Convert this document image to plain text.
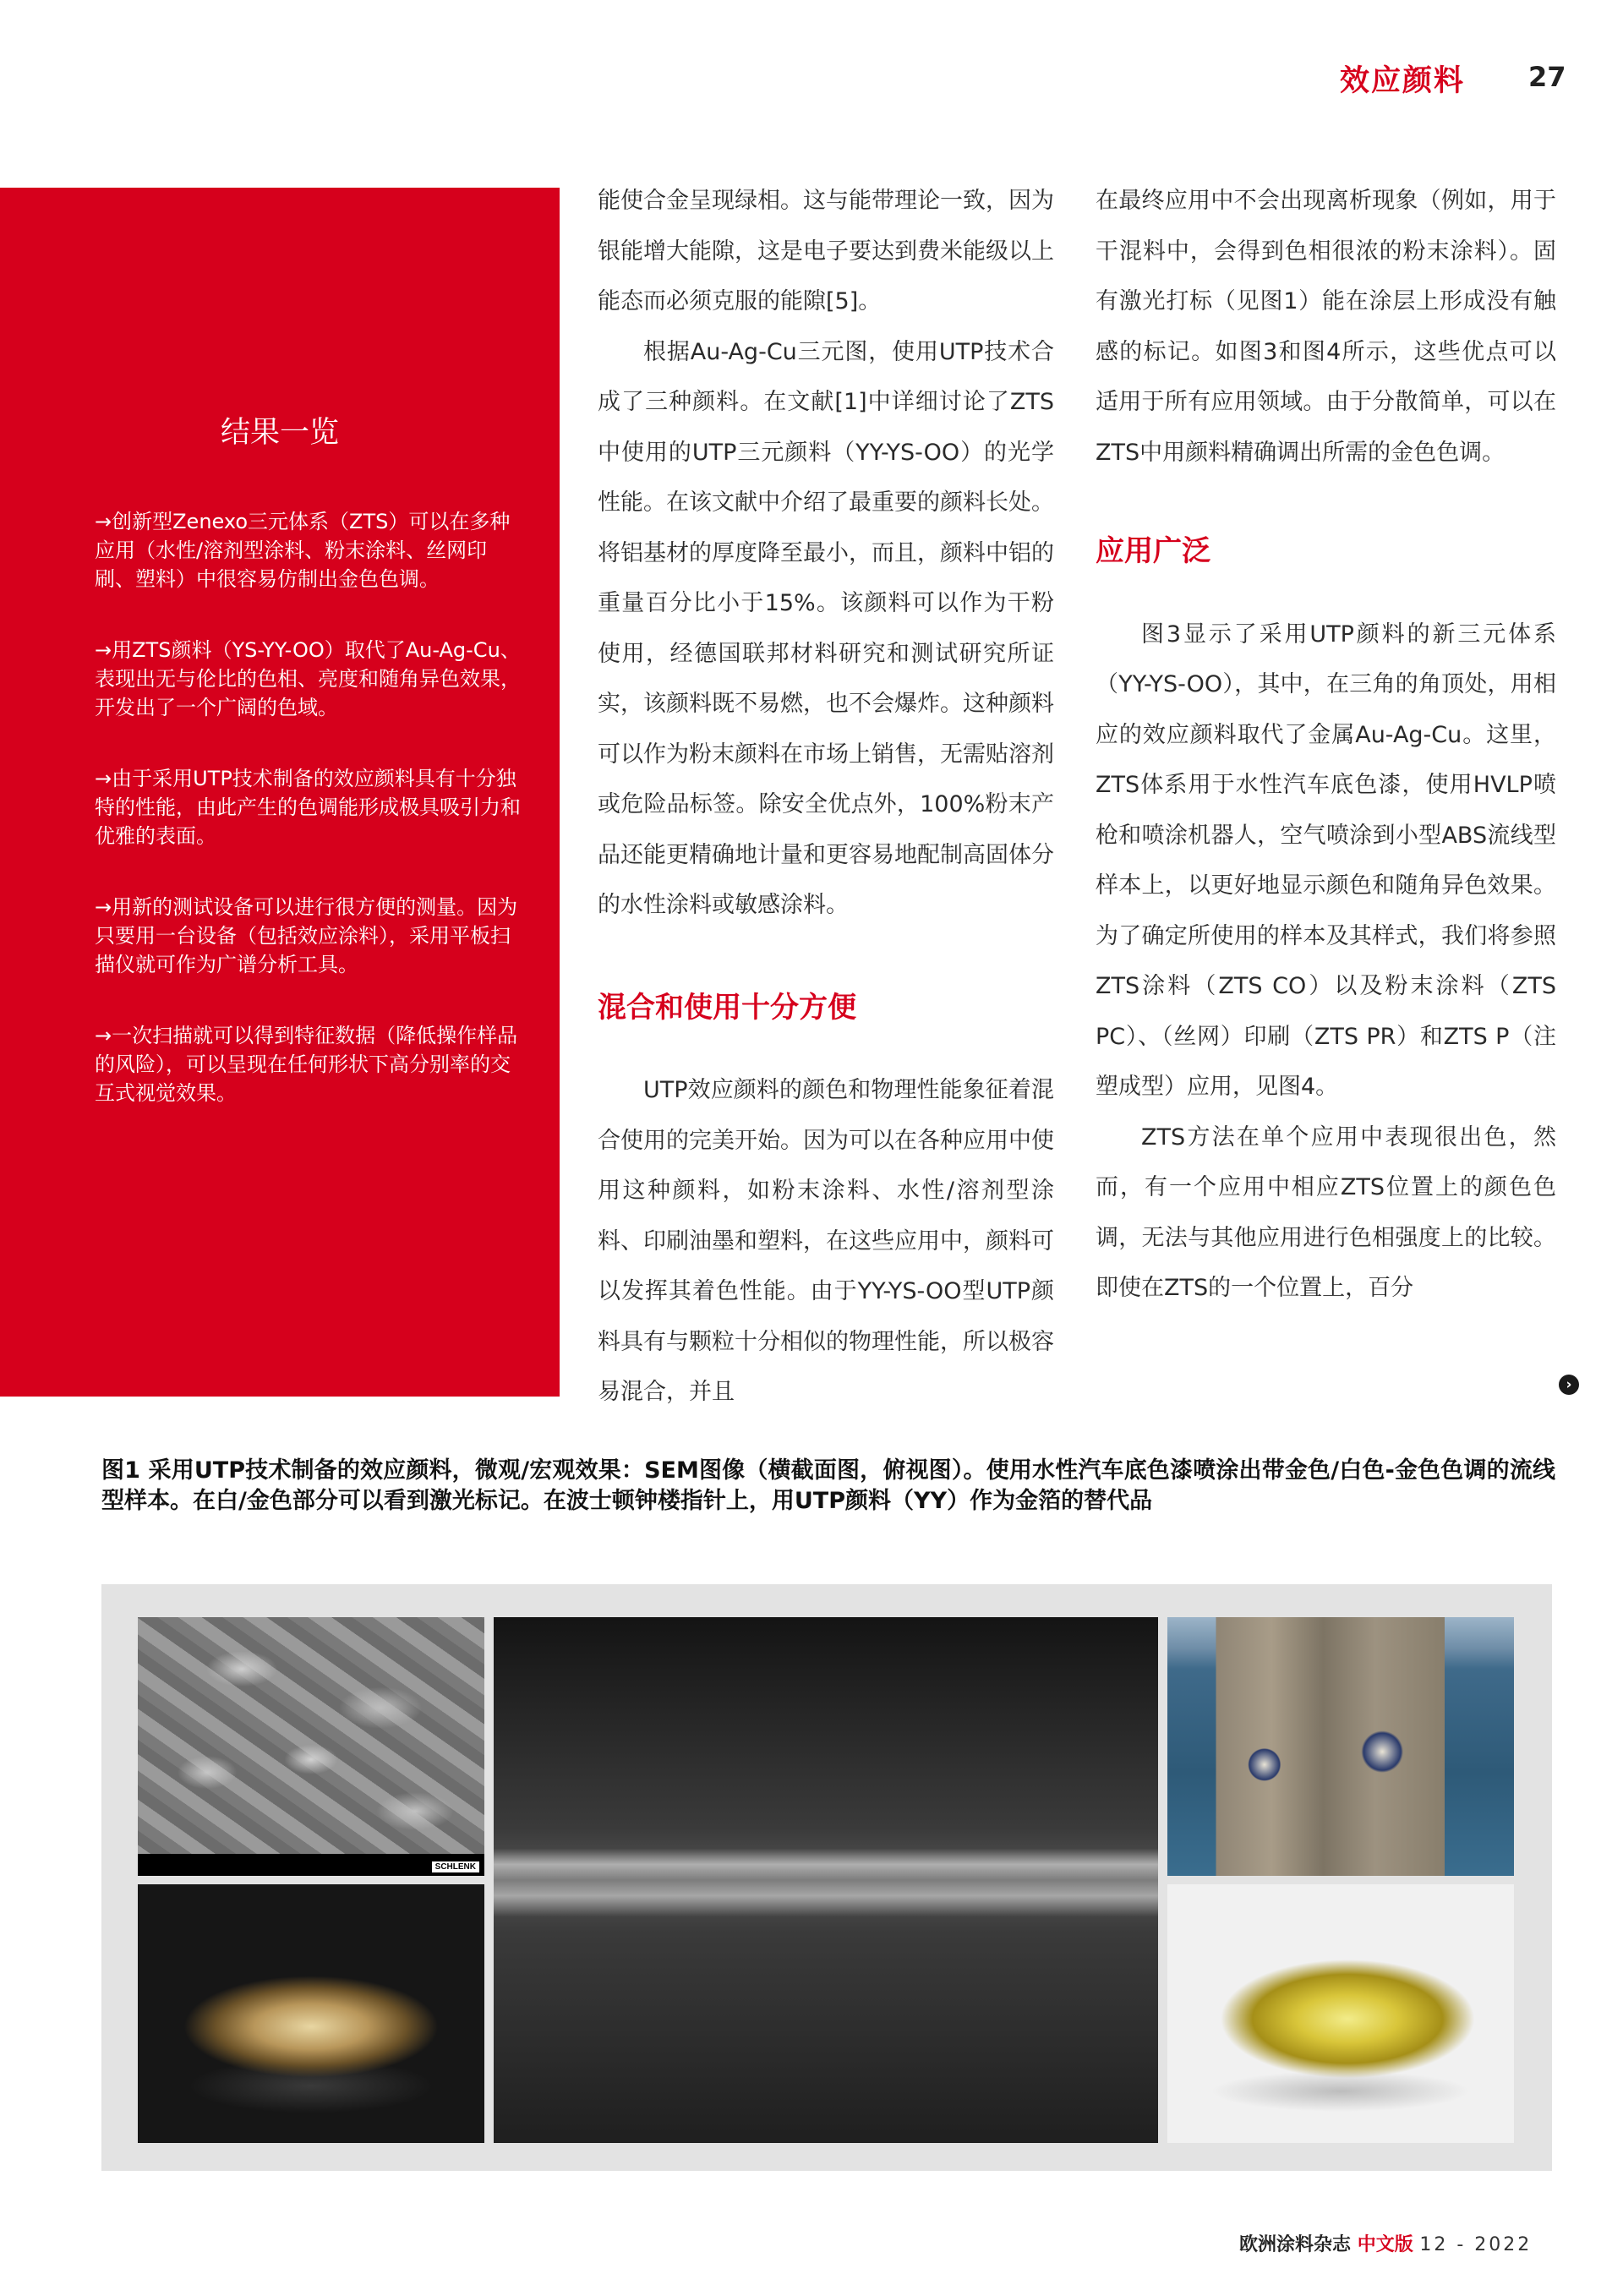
效应颜料 27
结果一览
→创新型Zenexo三元体系（ZTS）可以在多种应用（水性/溶剂型涂料、粉末涂料、丝网印刷、塑料）中很容易仿制出金色色调。
→用ZTS颜料（YS-YY-OO）取代了Au-Ag-Cu、表现出无与伦比的色相、亮度和随角异色效果，开发出了一个广阔的色域。
→由于采用UTP技术制备的效应颜料具有十分独特的性能，由此产生的色调能形成极具吸引力和优雅的表面。
→用新的测试设备可以进行很方便的测量。因为只要用一台设备（包括效应涂料），采用平板扫描仪就可作为广谱分析工具。
→一次扫描就可以得到特征数据（降低操作样品的风险），可以呈现在任何形状下高分别率的交互式视觉效果。

能使合金呈现绿相。这与能带理论一致，因为银能增大能隙，这是电子要达到费米能级以上能态而必须克服的能隙[5]。

根据Au-Ag-Cu三元图，使用UTP技术合成了三种颜料。在文献[1]中详细讨论了ZTS中使用的UTP三元颜料（YY-YS-OO）的光学性能。在该文献中介绍了最重要的颜料长处。将铝基材的厚度降至最小，而且，颜料中铝的重量百分比小于15%。该颜料可以作为干粉使用，经德国联邦材料研究和测试研究所证实，该颜料既不易燃，也不会爆炸。这种颜料可以作为粉末颜料在市场上销售，无需贴溶剂或危险品标签。除安全优点外，100%粉末产品还能更精确地计量和更容易地配制高固体分的水性涂料或敏感涂料。

混合和使用十分方便

UTP效应颜料的颜色和物理性能象征着混合使用的完美开始。因为可以在各种应用中使用这种颜料，如粉末涂料、水性/溶剂型涂料、印刷油墨和塑料，在这些应用中，颜料可以发挥其着色性能。由于YY-YS-OO型UTP颜料具有与颗粒十分相似的物理性能，所以极容易混合，并且

在最终应用中不会出现离析现象（例如，用于干混料中，会得到色相很浓的粉末涂料）。固有激光打标（见图1）能在涂层上形成没有触感的标记。如图3和图4所示，这些优点可以适用于所有应用领域。由于分散简单，可以在ZTS中用颜料精确调出所需的金色色调。

应用广泛

图3显示了采用UTP颜料的新三元体系（YY-YS-OO），其中，在三角的角顶处，用相应的效应颜料取代了金属Au-Ag-Cu。这里，ZTS体系用于水性汽车底色漆，使用HVLP喷枪和喷涂机器人，空气喷涂到小型ABS流线型样本上，以更好地显示颜色和随角异色效果。为了确定所使用的样本及其样式，我们将参照ZTS涂料（ZTS CO）以及粉末涂料（ZTS PC）、（丝网）印刷（ZTS PR）和ZTS P（注塑成型）应用，见图4。

ZTS方法在单个应用中表现很出色，然而，有一个应用中相应ZTS位置上的颜色色调，无法与其他应用进行色相强度上的比较。即使在ZTS的一个位置上，百分

›
图1 采用UTP技术制备的效应颜料，微观/宏观效果：SEM图像（横截面图，俯视图）。使用水性汽车底色漆喷涂出带金色/白色-金色色调的流线型样本。在白/金色部分可以看到激光标记。在波士顿钟楼指针上，用UTP颜料（YY）作为金箔的替代品
SCHLENK
欧洲涂料杂志 中文版 12 - 2022
